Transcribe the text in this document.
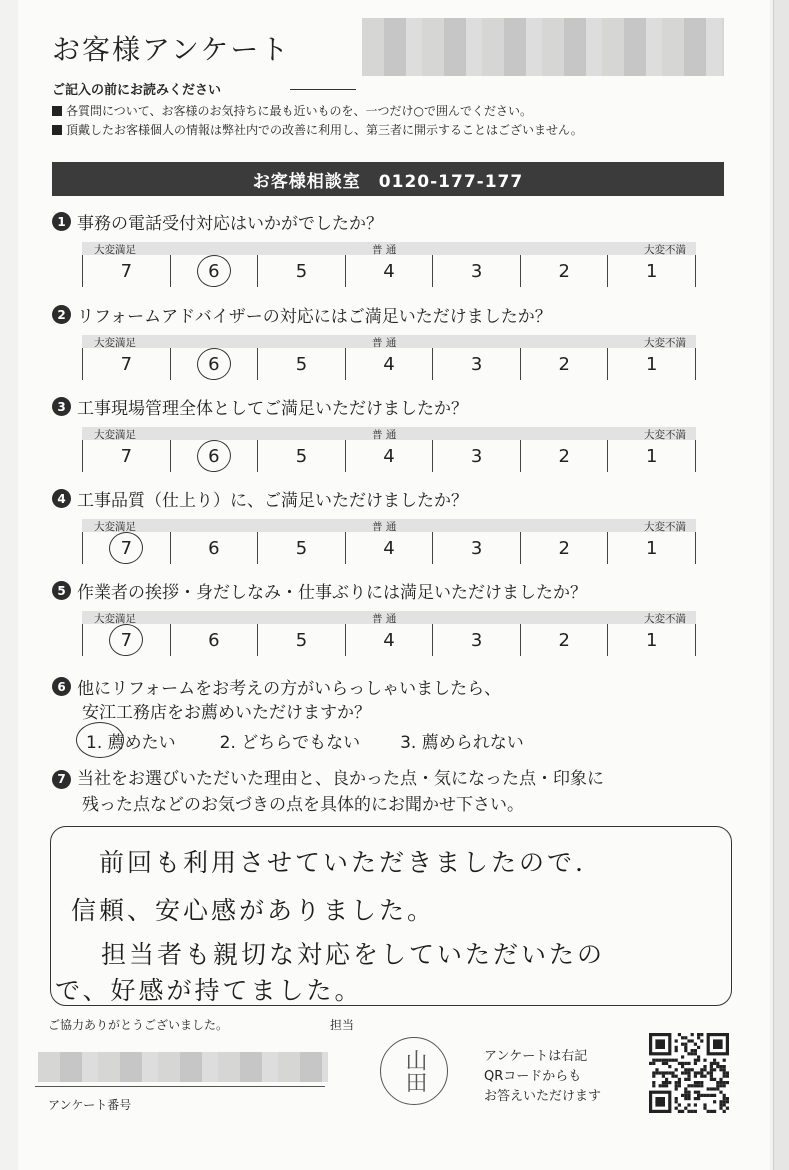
お客様アンケート
ご記入の前にお読みください
各質問について、お客様のお気持ちに最も近いものを、一つだけ○で囲んでください。
頂戴したお客様個人の情報は弊社内での改善に利用し、第三者に開示することはございません。
お客様相談室　0120-177-177
1 事務の電話受付対応はいかがでしたか？
大変満足	普 通	大変不満
7	6	5	4	3	2	1
2 リフォームアドバイザーの対応にはご満足いただけましたか？
大変満足	普 通	大変不満
7	6	5	4	3	2	1
3 工事現場管理全体としてご満足いただけましたか？
大変満足	普 通	大変不満
7	6	5	4	3	2	1
4 工事品質（仕上り）に、ご満足いただけましたか？
大変満足	普 通	大変不満
7	6	5	4	3	2	1
5 作業者の挨拶・身だしなみ・仕事ぶりには満足いただけましたか？
大変満足	普 通	大変不満
7	6	5	4	3	2	1
6 他にリフォームをお考えの方がいらっしゃいましたら、
安江工務店をお薦めいただけますか？
1. 薦めたい	2. どちらでもない 3. 薦められない
7 当社をお選びいただいた理由と、良かった点・気になった点・印象に
残った点などのお気づきの点を具体的にお聞かせ下さい。
前回も利用させていただきましたので.
信頼、安心感がありました。
担当者も親切な対応をしていただいたの
で、好感が持てました。
ご協力ありがとうございました。	担当
アンケート番号
山田	アンケートは右記
QRコードからも
お答えいただけます
